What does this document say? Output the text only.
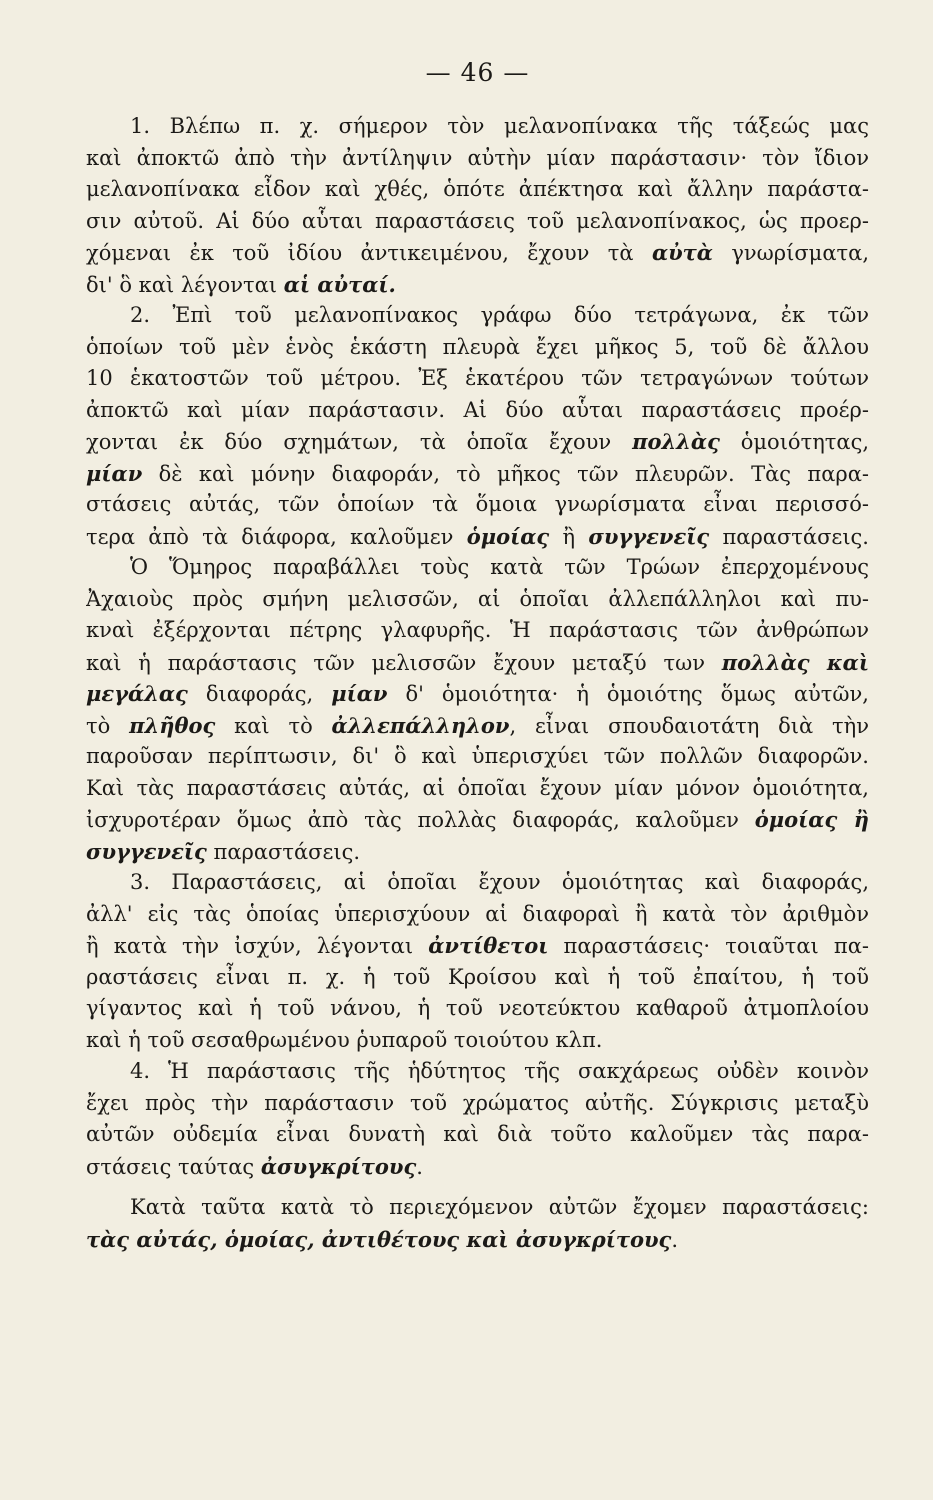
— 46 —
1. Βλέπω π. χ. σήμερον τὸν μελανοπίνακα τῆς τάξεώς μας
καὶ ἀποκτῶ ἀπὸ τὴν ἀντίληψιν αὐτὴν μίαν παράστασιν· τὸν ἴδιον
μελανοπίνακα εἶδον καὶ χθές, ὁπότε ἀπέκτησα καὶ ἄλλην παράστα-
σιν αὐτοῦ. Αἱ δύο αὗται παραστάσεις τοῦ μελανοπίνακος, ὡς προερ-
χόμεναι ἐκ τοῦ ἰδίου ἀντικειμένου, ἔχουν τὰ αὐτὰ γνωρίσματα,
δι' ὃ καὶ λέγονται αἱ αὐταί.
2. Ἐπὶ τοῦ μελανοπίνακος γράφω δύο τετράγωνα, ἐκ τῶν
ὁποίων τοῦ μὲν ἑνὸς ἑκάστη πλευρὰ ἔχει μῆκος 5, τοῦ δὲ ἄλλου
10 ἑκατοστῶν τοῦ μέτρου. Ἐξ ἑκατέρου τῶν τετραγώνων τούτων
ἀποκτῶ καὶ μίαν παράστασιν. Αἱ δύο αὗται παραστάσεις προέρ-
χονται ἐκ δύο σχημάτων, τὰ ὁποῖα ἔχουν πολλὰς ὁμοιότητας,
μίαν δὲ καὶ μόνην διαφοράν, τὸ μῆκος τῶν πλευρῶν. Τὰς παρα-
στάσεις αὐτάς, τῶν ὁποίων τὰ ὅμοια γνωρίσματα εἶναι περισσό-
τερα ἀπὸ τὰ διάφορα, καλοῦμεν ὁμοίας ἢ συγγενεῖς παραστάσεις.
Ὁ Ὅμηρος παραβάλλει τοὺς κατὰ τῶν Τρώων ἐπερχομένους
Ἀχαιοὺς πρὸς σμήνη μελισσῶν, αἱ ὁποῖαι ἀλλεπάλληλοι καὶ πυ-
κναὶ ἐξέρχονται πέτρης γλαφυρῆς. Ἡ παράστασις τῶν ἀνθρώπων
καὶ ἡ παράστασις τῶν μελισσῶν ἔχουν μεταξύ των πολλὰς καὶ
μεγάλας διαφοράς, μίαν δ' ὁμοιότητα· ἡ ὁμοιότης ὅμως αὐτῶν,
τὸ πλῆθος καὶ τὸ ἀλλεπάλληλον, εἶναι σπουδαιοτάτη διὰ τὴν
παροῦσαν περίπτωσιν, δι' ὃ καὶ ὑπερισχύει τῶν πολλῶν διαφορῶν.
Καὶ τὰς παραστάσεις αὐτάς, αἱ ὁποῖαι ἔχουν μίαν μόνον ὁμοιότητα,
ἰσχυροτέραν ὅμως ἀπὸ τὰς πολλὰς διαφοράς, καλοῦμεν ὁμοίας ἢ
συγγενεῖς παραστάσεις.
3. Παραστάσεις, αἱ ὁποῖαι ἔχουν ὁμοιότητας καὶ διαφοράς,
ἀλλ' εἰς τὰς ὁποίας ὑπερισχύουν αἱ διαφοραὶ ἢ κατὰ τὸν ἀριθμὸν
ἢ κατὰ τὴν ἰσχύν, λέγονται ἀντίθετοι παραστάσεις· τοιαῦται πα-
ραστάσεις εἶναι π. χ. ἡ τοῦ Κροίσου καὶ ἡ τοῦ ἐπαίτου, ἡ τοῦ
γίγαντος καὶ ἡ τοῦ νάνου, ἡ τοῦ νεοτεύκτου καθαροῦ ἀτμοπλοίου
καὶ ἡ τοῦ σεσαθρωμένου ῥυπαροῦ τοιούτου κλπ.
4. Ἡ παράστασις τῆς ἡδύτητος τῆς σακχάρεως οὐδὲν κοινὸν
ἔχει πρὸς τὴν παράστασιν τοῦ χρώματος αὐτῆς. Σύγκρισις μεταξὺ
αὐτῶν οὐδεμία εἶναι δυνατὴ καὶ διὰ τοῦτο καλοῦμεν τὰς παρα-
στάσεις ταύτας ἀσυγκρίτους.
Κατὰ ταῦτα κατὰ τὸ περιεχόμενον αὐτῶν ἔχομεν παραστάσεις:
τὰς αὐτάς, ὁμοίας, ἀντιθέτους καὶ ἀσυγκρίτους.
